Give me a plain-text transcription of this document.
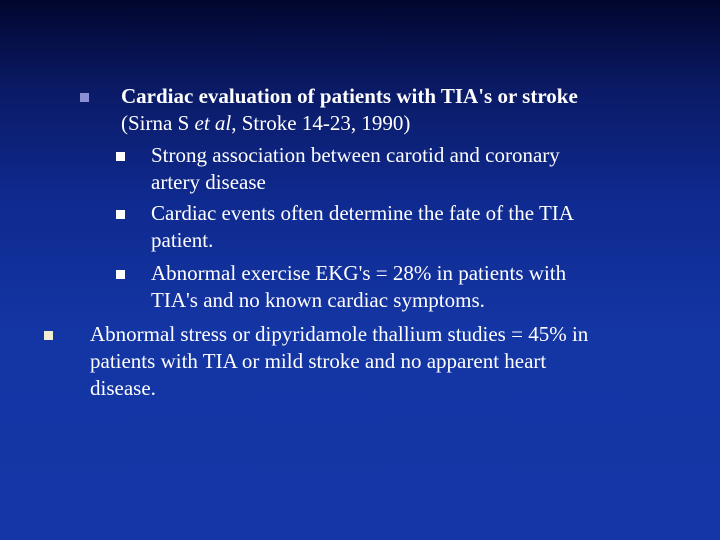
Cardiac evaluation of patients with TIA's or stroke
(Sirna S et al, Stroke 14-23, 1990)
Strong association between carotid and coronary
artery disease
Cardiac events often determine the fate of the TIA
patient.
Abnormal exercise EKG's = 28% in patients with
TIA's and no known cardiac symptoms.
Abnormal stress or dipyridamole thallium studies = 45% in
patients with TIA or mild stroke and no apparent heart
disease.
